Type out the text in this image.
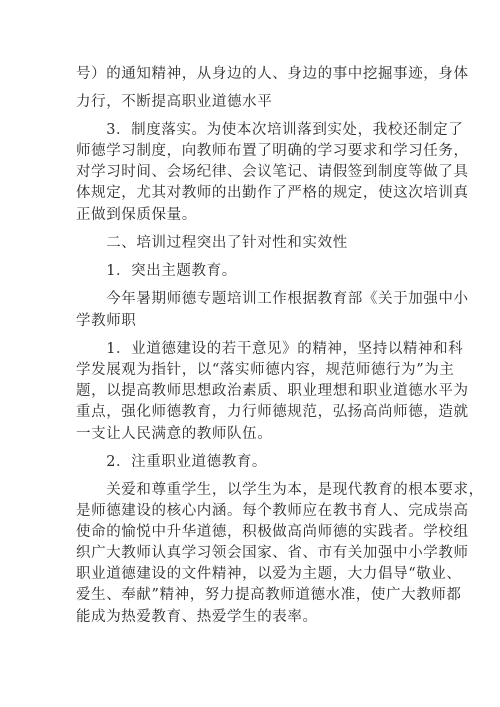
号）的通知精神，从身边的人、身边的事中挖掘事迹，身体
力行，不断提高职业道德水平
　　3．制度落实。为使本次培训落到实处，我校还制定了
师德学习制度，向教师布置了明确的学习要求和学习任务，
对学习时间、会场纪律、会议笔记、请假签到制度等做了具
体规定，尤其对教师的出勤作了严格的规定，使这次培训真
正做到保质保量。
　　二、培训过程突出了针对性和实效性
　　1．突出主题教育。
　　今年暑期师德专题培训工作根据教育部《关于加强中小
学教师职
　　1．业道德建设的若干意见》的精神，坚持以精神和科
学发展观为指针，以“落实师德内容，规范师德行为”为主
题，以提高教师思想政治素质、职业理想和职业道德水平为
重点，强化师德教育，力行师德规范，弘扬高尚师德，造就
一支让人民满意的教师队伍。
　　2．注重职业道德教育。
　　关爱和尊重学生，以学生为本，是现代教育的根本要求，
是师德建设的核心内涵。每个教师应在教书育人、完成崇高
使命的愉悦中升华道德，积极做高尚师德的实践者。学校组
织广大教师认真学习领会国家、省、市有关加强中小学教师
职业道德建设的文件精神，以爱为主题，大力倡导“敬业、
爱生、奉献”精神，努力提高教师道德水准，使广大教师都
能成为热爱教育、热爱学生的表率。
